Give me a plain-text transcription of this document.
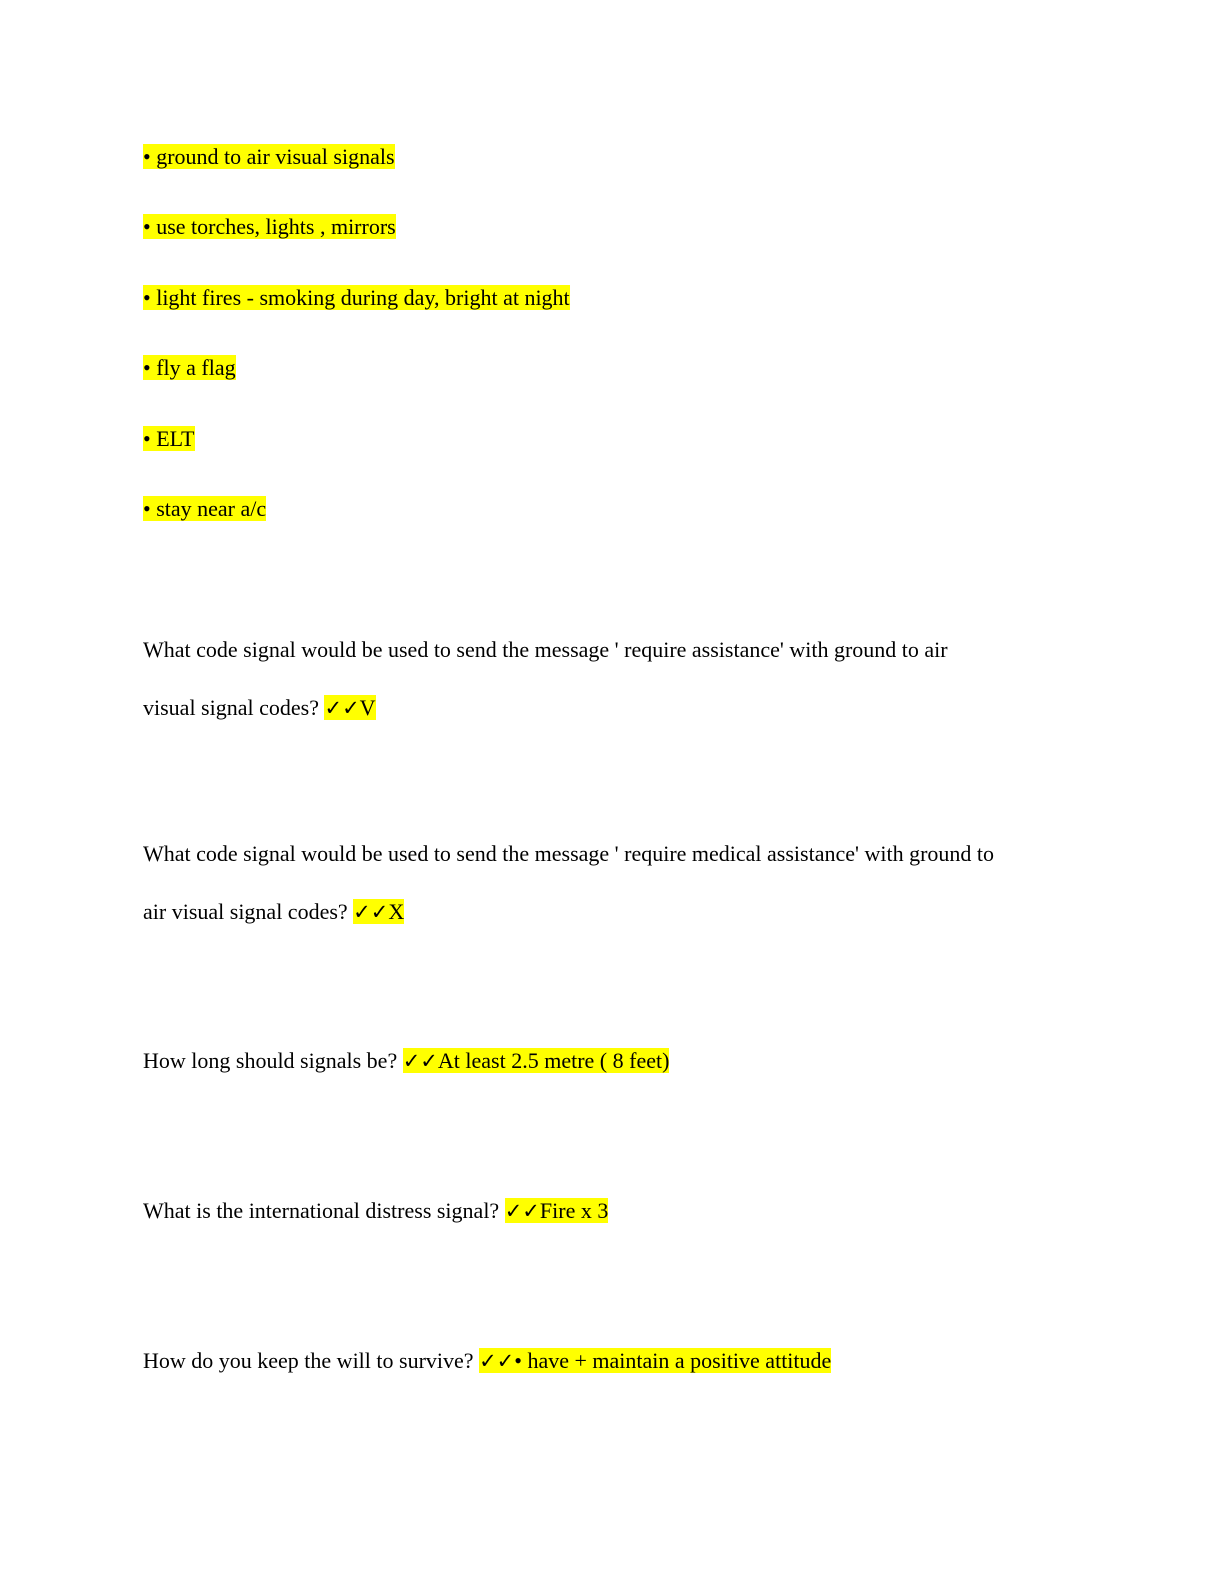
• ground to air visual signals
• use torches, lights , mirrors
• light fires - smoking during day, bright at night
• fly a flag
• ELT
• stay near a/c
What code signal would be used to send the message ' require assistance' with ground to air
visual signal codes? ✓✓V
What code signal would be used to send the message ' require medical assistance' with ground to
air visual signal codes? ✓✓X
How long should signals be? ✓✓At least 2.5 metre ( 8 feet)
What is the international distress signal? ✓✓Fire x 3
How do you keep the will to survive? ✓✓• have + maintain a positive attitude
